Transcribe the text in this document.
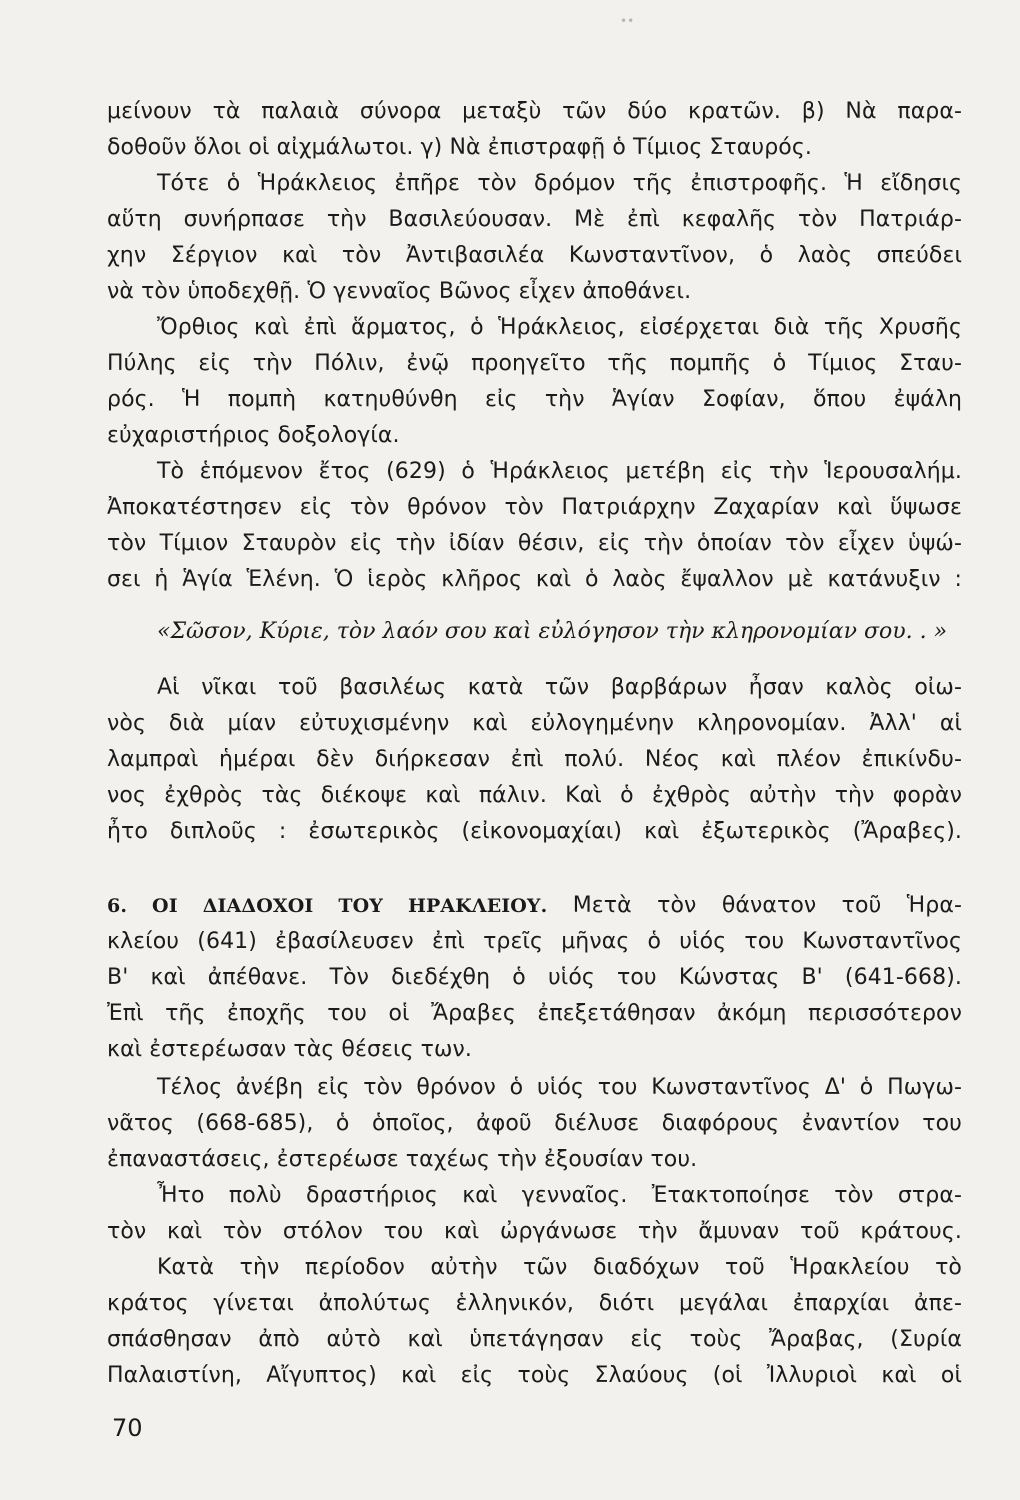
••
μείνουν τὰ παλαιὰ σύνορα μεταξὺ τῶν δύο κρατῶν. β) Νὰ παρα-
δοθοῦν ὅλοι οἱ αἰχμάλωτοι. γ) Νὰ ἐπιστραφῇ ὁ Τίμιος Σταυρός.
Τότε ὁ Ἡράκλειος ἐπῆρε τὸν δρόμον τῆς ἐπιστροφῆς. Ἡ εἴδησις
αὕτη συνήρπασε τὴν Βασιλεύουσαν. Μὲ ἐπὶ κεφαλῆς τὸν Πατριάρ-
χην Σέργιον καὶ τὸν Ἀντιβασιλέα Κωνσταντῖνον, ὁ λαὸς σπεύδει
νὰ τὸν ὑποδεχθῇ. Ὁ γενναῖος Βῶνος εἶχεν ἀποθάνει.
Ὄρθιος καὶ ἐπὶ ἅρματος, ὁ Ἡράκλειος, εἰσέρχεται διὰ τῆς Χρυσῆς
Πύλης εἰς τὴν Πόλιν, ἐνῷ προηγεῖτο τῆς πομπῆς ὁ Τίμιος Σταυ-
ρός. Ἡ πομπὴ κατηυθύνθη εἰς τὴν Ἁγίαν Σοφίαν, ὅπου ἐψάλη
εὐχαριστήριος δοξολογία.
Τὸ ἑπόμενον ἔτος (629) ὁ Ἡράκλειος μετέβη εἰς τὴν Ἱερουσαλήμ.
Ἀποκατέστησεν εἰς τὸν θρόνον τὸν Πατριάρχην Ζαχαρίαν καὶ ὕψωσε
τὸν Τίμιον Σταυρὸν εἰς τὴν ἰδίαν θέσιν, εἰς τὴν ὁποίαν τὸν εἶχεν ὑψώ-
σει ἡ Ἁγία Ἑλένη. Ὁ ἱερὸς κλῆρος καὶ ὁ λαὸς ἔψαλλον μὲ κατάνυξιν :
«Σῶσον, Κύριε, τὸν λαόν σου καὶ εὐλόγησον τὴν κληρονομίαν σου. . »
Αἱ νῖκαι τοῦ βασιλέως κατὰ τῶν βαρβάρων ἦσαν καλὸς οἰω-
νὸς διὰ μίαν εὐτυχισμένην καὶ εὐλογημένην κληρονομίαν. Ἀλλ' αἱ
λαμπραὶ ἡμέραι δὲν διήρκεσαν ἐπὶ πολύ. Νέος καὶ πλέον ἐπικίνδυ-
νος ἐχθρὸς τὰς διέκοψε καὶ πάλιν. Καὶ ὁ ἐχθρὸς αὐτὴν τὴν φορὰν
ἦτο διπλοῦς : ἐσωτερικὸς (εἰκονομαχίαι) καὶ ἐξωτερικὸς (Ἄραβες).
6. ΟΙ ΔΙΑΔΟΧΟΙ ΤΟΥ ΗΡΑΚΛΕΙΟΥ. Μετὰ τὸν θάνατον τοῦ Ἡρα-
κλείου (641) ἐβασίλευσεν ἐπὶ τρεῖς μῆνας ὁ υἱός του Κωνσταντῖνος
Β' καὶ ἀπέθανε. Τὸν διεδέχθη ὁ υἱός του Κώνστας Β' (641-668).
Ἐπὶ τῆς ἐποχῆς του οἱ Ἄραβες ἐπεξετάθησαν ἀκόμη περισσότερον
καὶ ἐστερέωσαν τὰς θέσεις των.
Τέλος ἀνέβη εἰς τὸν θρόνον ὁ υἱός του Κωνσταντῖνος Δ' ὁ Πωγω-
νᾶτος (668-685), ὁ ὁποῖος, ἀφοῦ διέλυσε διαφόρους ἐναντίον του
ἐπαναστάσεις, ἐστερέωσε ταχέως τὴν ἐξουσίαν του.
Ἦτο πολὺ δραστήριος καὶ γενναῖος. Ἐτακτοποίησε τὸν στρα-
τὸν καὶ τὸν στόλον του καὶ ὠργάνωσε τὴν ἄμυναν τοῦ κράτους.
Κατὰ τὴν περίοδον αὐτὴν τῶν διαδόχων τοῦ Ἡρακλείου τὸ
κράτος γίνεται ἀπολύτως ἑλληνικόν, διότι μεγάλαι ἐπαρχίαι ἀπε-
σπάσθησαν ἀπὸ αὐτὸ καὶ ὑπετάγησαν εἰς τοὺς Ἄραβας, (Συρία
Παλαιστίνη, Αἴγυπτος) καὶ εἰς τοὺς Σλαύους (οἱ Ἰλλυριοὶ καὶ οἱ
70
